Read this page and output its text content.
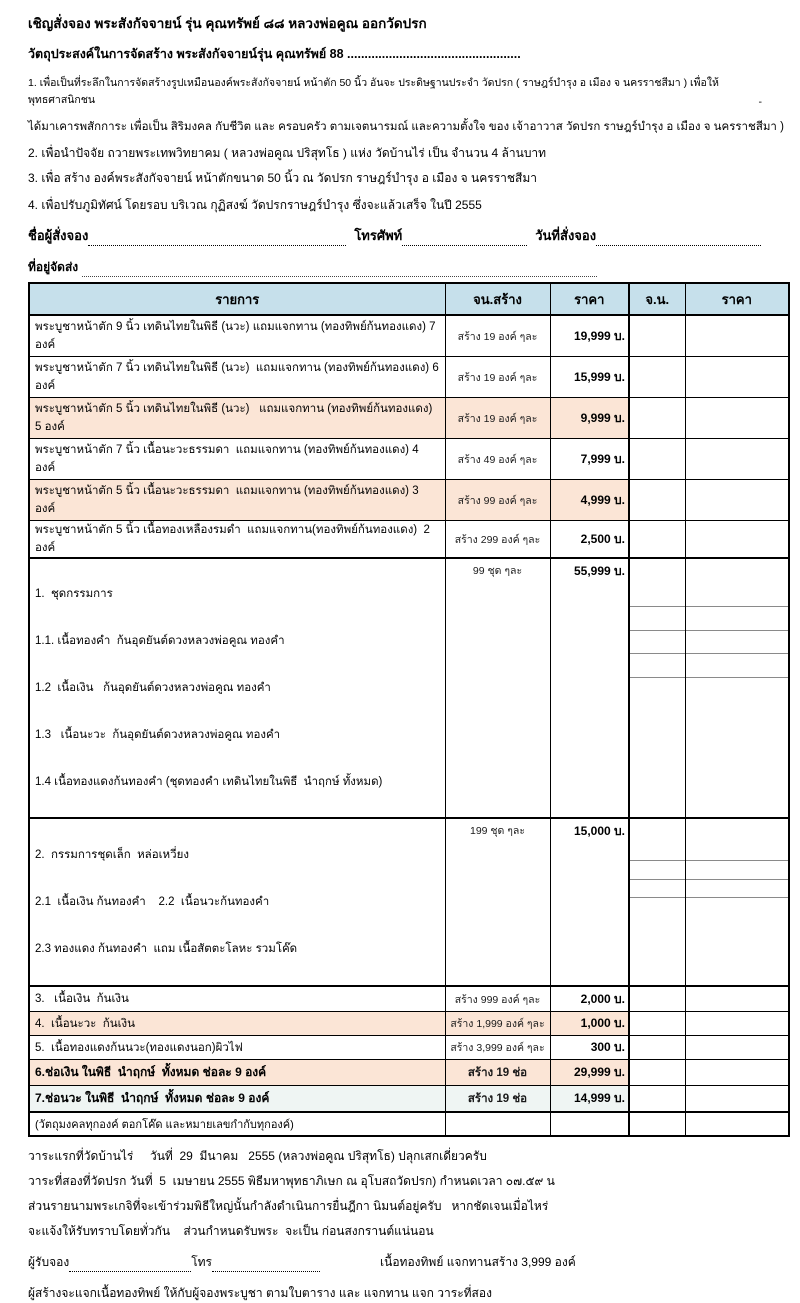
เชิญสั่งจอง พระสังกัจจายน์ รุ่น คุณทรัพย์ ๘๘ หลวงพ่อคูณ ออกวัดปรก
วัตถุประสงค์ในการจัดสร้าง พระสังกัจจายน์รุ่น คุณทรัพย์ 88 ..................................................
1. เพื่อเป็นที่ระลึกในการจัดสร้างรูปเหมือนองค์พระสังกัจจายน์ หน้าตัก 50 นิ้ว อันจะ ประดิษฐานประจำ วัดปรก ( ราษฎร์บำรุง อ เมือง จ นครราชสีมา ) เพื่อให้ พุทธศาสนิกชน	-
ได้มาเคารพสักการะ เพื่อเป็น สิริมงคล กับชีวิต และ ครอบครัว ตามเจตนารมณ์ และความตั้งใจ ของ เจ้าอาวาส วัดปรก ราษฎร์บำรุง อ เมือง จ นครราชสีมา )
2. เพื่อนำปัจจัย ถวายพระเทพวิทยาคม ( หลวงพ่อคูณ ปริสุทโธ ) แห่ง วัดบ้านไร่ เป็น จำนวน 4 ล้านบาท
3. เพื่อ สร้าง องค์พระสังกัจจายน์ หน้าตักขนาด 50 นิ้ว ณ วัดปรก ราษฎร์บำรุง อ เมือง จ นครราชสีมา
4. เพื่อปรับภูมิทัศน์ โดยรอบ บริเวณ กุฏิสงฆ์ วัดปรกราษฎร์บำรุง ซึ่งจะแล้วเสร็จ ในปี 2555
ชื่อผู้สั่งจอง	โทรศัพท์	วันที่สั่งจอง
ที่อยู่จัดส่ง
รายการ	จน.สร้าง	ราคา	จ.น.	ราคา
พระบูชาหน้าตัก 9 นิ้ว เทดินไทยในพิธี (นวะ) แถมแจกทาน (ทองทิพย์ก้นทองแดง) 7 องค์	สร้าง 19 องค์ ๆละ	19,999 บ.		
พระบูชาหน้าตัก 7 นิ้ว เทดินไทยในพิธี (นวะ)  แถมแจกทาน (ทองทิพย์ก้นทองแดง) 6 องค์	สร้าง 19 องค์ ๆละ	15,999 บ.		
พระบูชาหน้าตัก 5 นิ้ว เทดินไทยในพิธี (นวะ)   แถมแจกทาน (ทองทิพย์ก้นทองแดง) 5 องค์	สร้าง 19 องค์ ๆละ	9,999 บ.		
พระบูชาหน้าตัก 7 นิ้ว เนื้อนะวะธรรมดา  แถมแจกทาน (ทองทิพย์ก้นทองแดง) 4 องค์	สร้าง 49 องค์ ๆละ	7,999 บ.		
พระบูชาหน้าตัก 5 นิ้ว เนื้อนะวะธรรมดา  แถมแจกทาน (ทองทิพย์ก้นทองแดง) 3 องค์	สร้าง 99 องค์ ๆละ	4,999 บ.		
พระบูชาหน้าตัก 5 นิ้ว เนื้อทองเหลืองรมดำ  แถมแจกทาน(ทองทิพย์ก้นทองแดง)  2 องค์	สร้าง 299 องค์ ๆละ	2,500 บ.		

1.  ชุดกรรมการ

1.1. เนื้อทองคำ  ก้นอุดยันต์ดวงหลวงพ่อคูณ ทองคำ

1.2  เนื้อเงิน   ก้นอุดยันต์ดวงหลวงพ่อคูณ ทองคำ

1.3   เนื้อนะวะ  ก้นอุดยันต์ดวงหลวงพ่อคูณ ทองคำ

1.4 เนื้อทองแดงก้นทองคำ (ชุดทองคำ เทดินไทยในพิธี  นำฤกษ์ ทั้งหมด)	99 ชุด ๆละ	55,999 บ.	

2.  กรรมการชุดเล็ก  หล่อเหวี่ยง

2.1  เนื้อเงิน ก้นทองคำ    2.2  เนื้อนวะก้นทองคำ

2.3 ทองแดง ก้นทองคำ  แถม เนื้อสัตตะโลหะ รวมโค๊ด	199 ชุด ๆละ	15,000 บ.	

3.   เนื้อเงิน  ก้นเงิน	สร้าง 999 องค์ ๆละ	2,000 บ.		
4.  เนื้อนะวะ  ก้นเงิน	สร้าง 1,999 องค์ ๆละ	1,000 บ.		
5.  เนื้อทองแดงก้นนวะ(ทองแดงนอก)ผิวไฟ	สร้าง 3,999 องค์ ๆละ	300 บ.		
6.ช่อเงิน ในพิธี  นำฤกษ์  ทั้งหมด ช่อละ 9 องค์	สร้าง 19 ช่อ	29,999 บ.		
7.ช่อนวะ ในพิธี  นำฤกษ์  ทั้งหมด ช่อละ 9 องค์	สร้าง 19 ช่อ	14,999 บ.		
(วัตถุมงคลทุกองค์ ตอกโค๊ด และหมายเลขกำกับทุกองค์)				
วาระแรกที่วัดบ้านไร่     วันที่  29  มีนาคม   2555 (หลวงพ่อคูณ ปริสุทโธ) ปลุกเสกเดี่ยวครับ
วาระที่สองที่วัดปรก วันที่  5  เมษายน 2555 พิธีมหาพุทธาภิเษก ณ อุโบสถวัดปรก) กำหนดเวลา ๐๗.๕๙ น
ส่วนรายนามพระเกจิที่จะเข้าร่วมพิธีใหญ่นั้นกำลังดำเนินการยื่นฎีกา นิมนต์อยู่ครับ   หากชัดเจนเมื่อไหร่
จะแจ้งให้รับทราบโดยทั่วกัน    ส่วนกำหนดรับพระ  จะเป็น ก่อนสงกรานต์แน่นอน
ผู้รับจอง	โทร	เนื้อทองทิพย์ แจกทานสร้าง 3,999 องค์
ผู้สร้างจะแจกเนื้อทองทิพย์ ให้กับผู้จองพระบูชา ตามใบตาราง และ แจกทาน แจก วาระที่สอง
